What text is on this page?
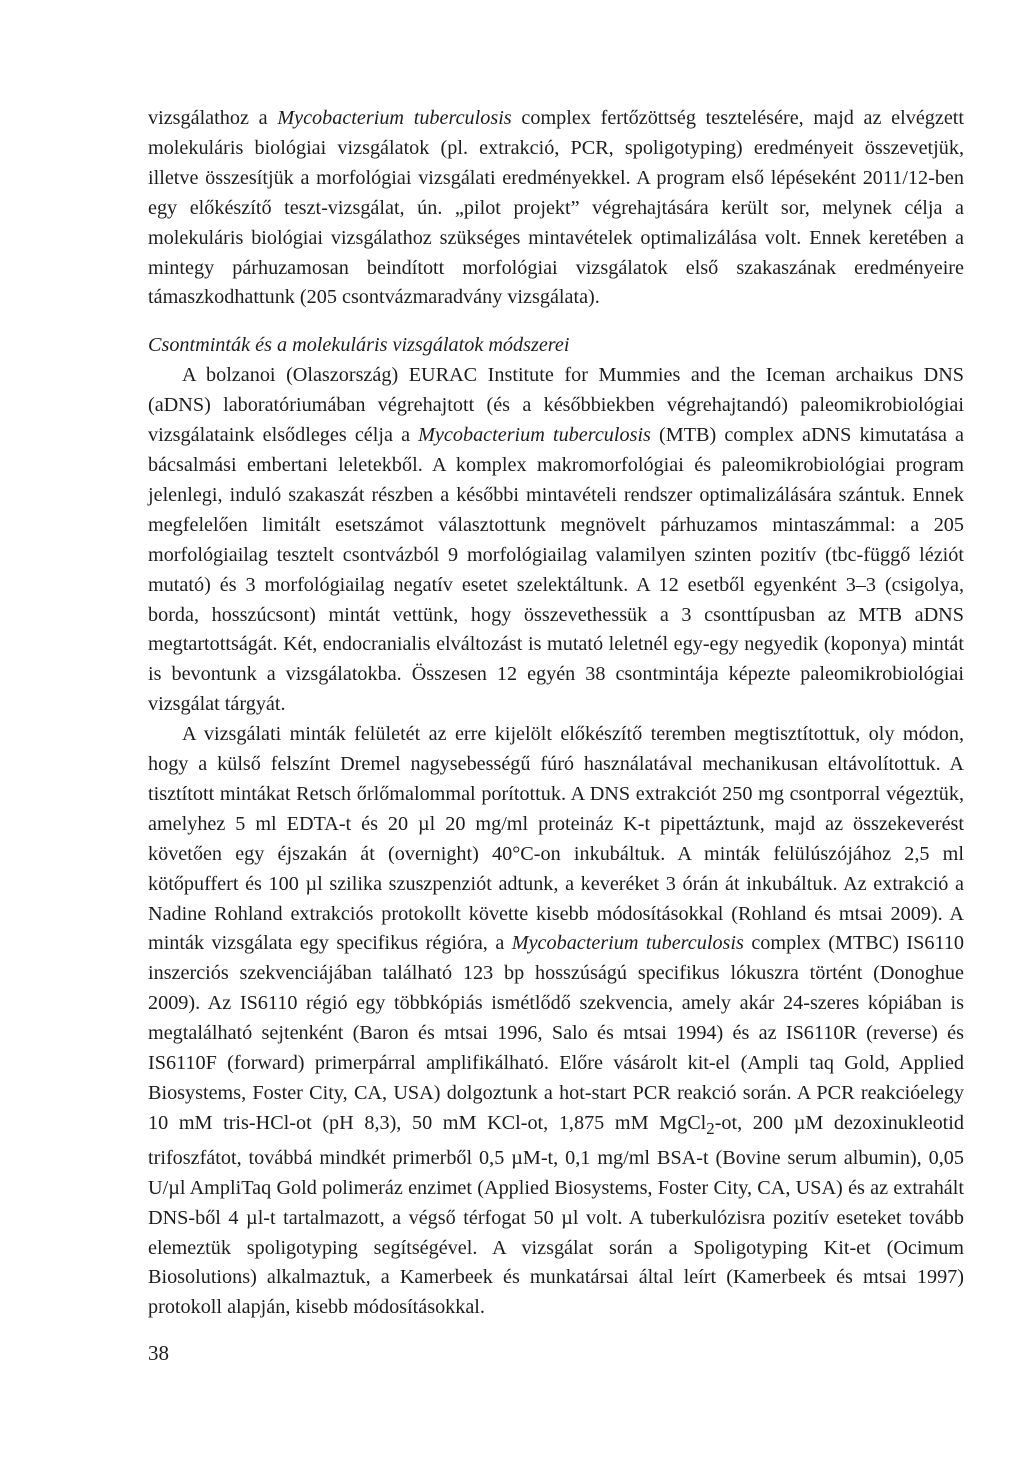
vizsgálathoz a Mycobacterium tuberculosis complex fertőzöttség tesztelésére, majd az elvégzett molekuláris biológiai vizsgálatok (pl. extrakció, PCR, spoligotyping) eredményeit összevetjük, illetve összesítjük a morfológiai vizsgálati eredményekkel. A program első lépéseként 2011/12-ben egy előkészítő teszt-vizsgálat, ún. „pilot projekt” végrehajtására került sor, melynek célja a molekuláris biológiai vizsgálathoz szükséges mintavételek optimalizálása volt. Ennek keretében a mintegy párhuzamosan beindított morfológiai vizsgálatok első szakaszának eredményeire támaszkodhattunk (205 csontvázmaradvány vizsgálata).

Csontminták és a molekuláris vizsgálatok módszerei

A bolzanoi (Olaszország) EURAC Institute for Mummies and the Iceman archaikus DNS (aDNS) laboratóriumában végrehajtott (és a későbbiekben végrehajtandó) paleomikrobiológiai vizsgálataink elsődleges célja a Mycobacterium tuberculosis (MTB) complex aDNS kimutatása a bácsalmási embertani leletekből. A komplex makromorfológiai és paleomikrobiológiai program jelenlegi, induló szakaszát részben a későbbi mintavételi rendszer optimalizálására szántuk. Ennek megfelelően limitált esetszámot választottunk megnövelt párhuzamos mintaszámmal: a 205 morfológiailag tesztelt csontvázból 9 morfológiailag valamilyen szinten pozitív (tbc-függő léziót mutató) és 3 morfológiailag negatív esetet szelektáltunk. A 12 esetből egyenként 3–3 (csigolya, borda, hosszúcsont) mintát vettünk, hogy összevethessük a 3 csonttípusban az MTB aDNS megtartottságát. Két, endocranialis elváltozást is mutató leletnél egy-egy negyedik (koponya) mintát is bevontunk a vizsgálatokba. Összesen 12 egyén 38 csontmintája képezte paleomikrobiológiai vizsgálat tárgyát.

A vizsgálati minták felületét az erre kijelölt előkészítő teremben megtisztítottuk, oly módon, hogy a külső felszínt Dremel nagysebességű fúró használatával mechanikusan eltávolítottuk. A tisztított mintákat Retsch őrlőmalommal porítottuk. A DNS extrakciót 250 mg csontporral végeztük, amelyhez 5 ml EDTA-t és 20 µl 20 mg/ml proteináz K-t pipettáztunk, majd az összekeverést követően egy éjszakán át (overnight) 40°C-on inkubáltuk. A minták felülúszójához 2,5 ml kötőpuffert és 100 µl szilika szuszpenziót adtunk, a keveréket 3 órán át inkubáltuk. Az extrakció a Nadine Rohland extrakciós protokollt követte kisebb módosításokkal (Rohland és mtsai 2009). A minták vizsgálata egy specifikus régióra, a Mycobacterium tuberculosis complex (MTBC) IS6110 inszerciós szekvenciájában található 123 bp hosszúságú specifikus lókuszra történt (Donoghue 2009). Az IS6110 régió egy többkópiás ismétlődő szekvencia, amely akár 24-szeres kópiában is megtalálható sejtenként (Baron és mtsai 1996, Salo és mtsai 1994) és az IS6110R (reverse) és IS6110F (forward) primerpárral amplifikálható. Előre vásárolt kit-el (Ampli taq Gold, Applied Biosystems, Foster City, CA, USA) dolgoztunk a hot-start PCR reakció során. A PCR reakcióelegy 10 mM tris-HCl-ot (pH 8,3), 50 mM KCl-ot, 1,875 mM MgCl$_2$-ot, 200 µM dezoxinukleotid trifoszfátot, továbbá mindkét primerből 0,5 µM-t, 0,1 mg/ml BSA-t (Bovine serum albumin), 0,05 U/µl AmpliTaq Gold polimeráz enzimet (Applied Biosystems, Foster City, CA, USA) és az extrahált DNS-ből 4 µl-t tartalmazott, a végső térfogat 50 µl volt. A tuberkulózisra pozitív eseteket tovább elemeztük spoligotyping segítségével. A vizsgálat során a Spoligotyping Kit-et (Ocimum Biosolutions) alkalmaztuk, a Kamerbeek és munkatársai által leírt (Kamerbeek és mtsai 1997) protokoll alapján, kisebb módosításokkal.

38
